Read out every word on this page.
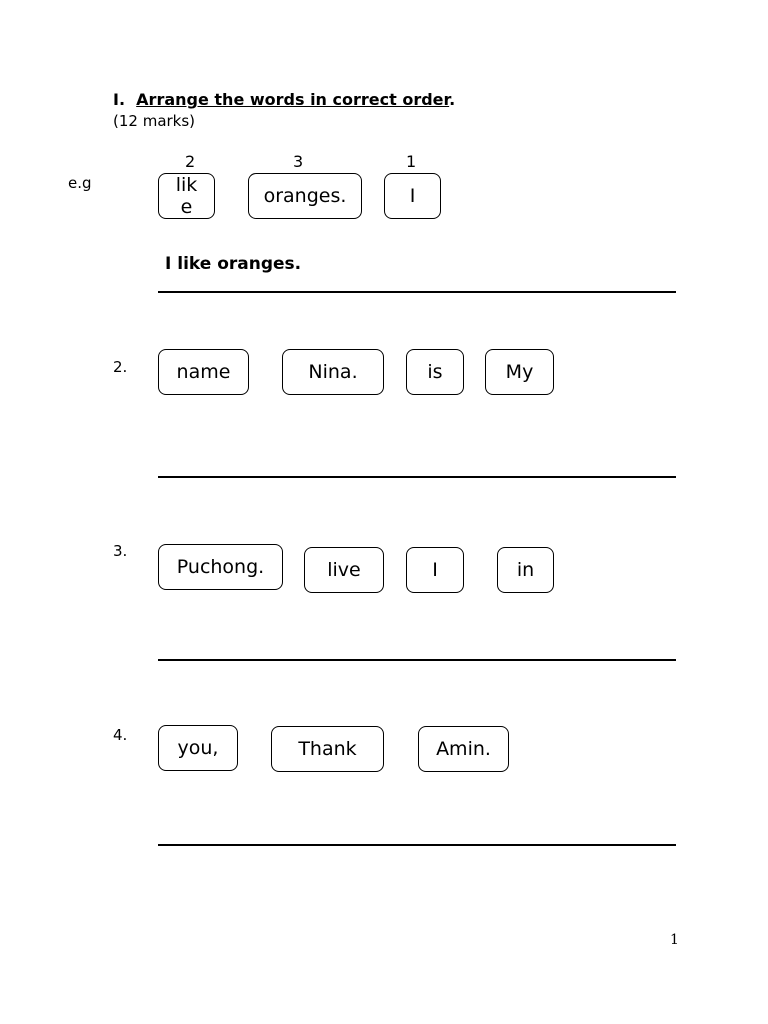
I. Arrange the words in correct order.
(12 marks)
e.g
2	3	1
like	oranges.	I
I like oranges.
2.	name	Nina.	is	My
3.
Puchong.	live	I	in
4.
you,	Thank	Amin.
1
